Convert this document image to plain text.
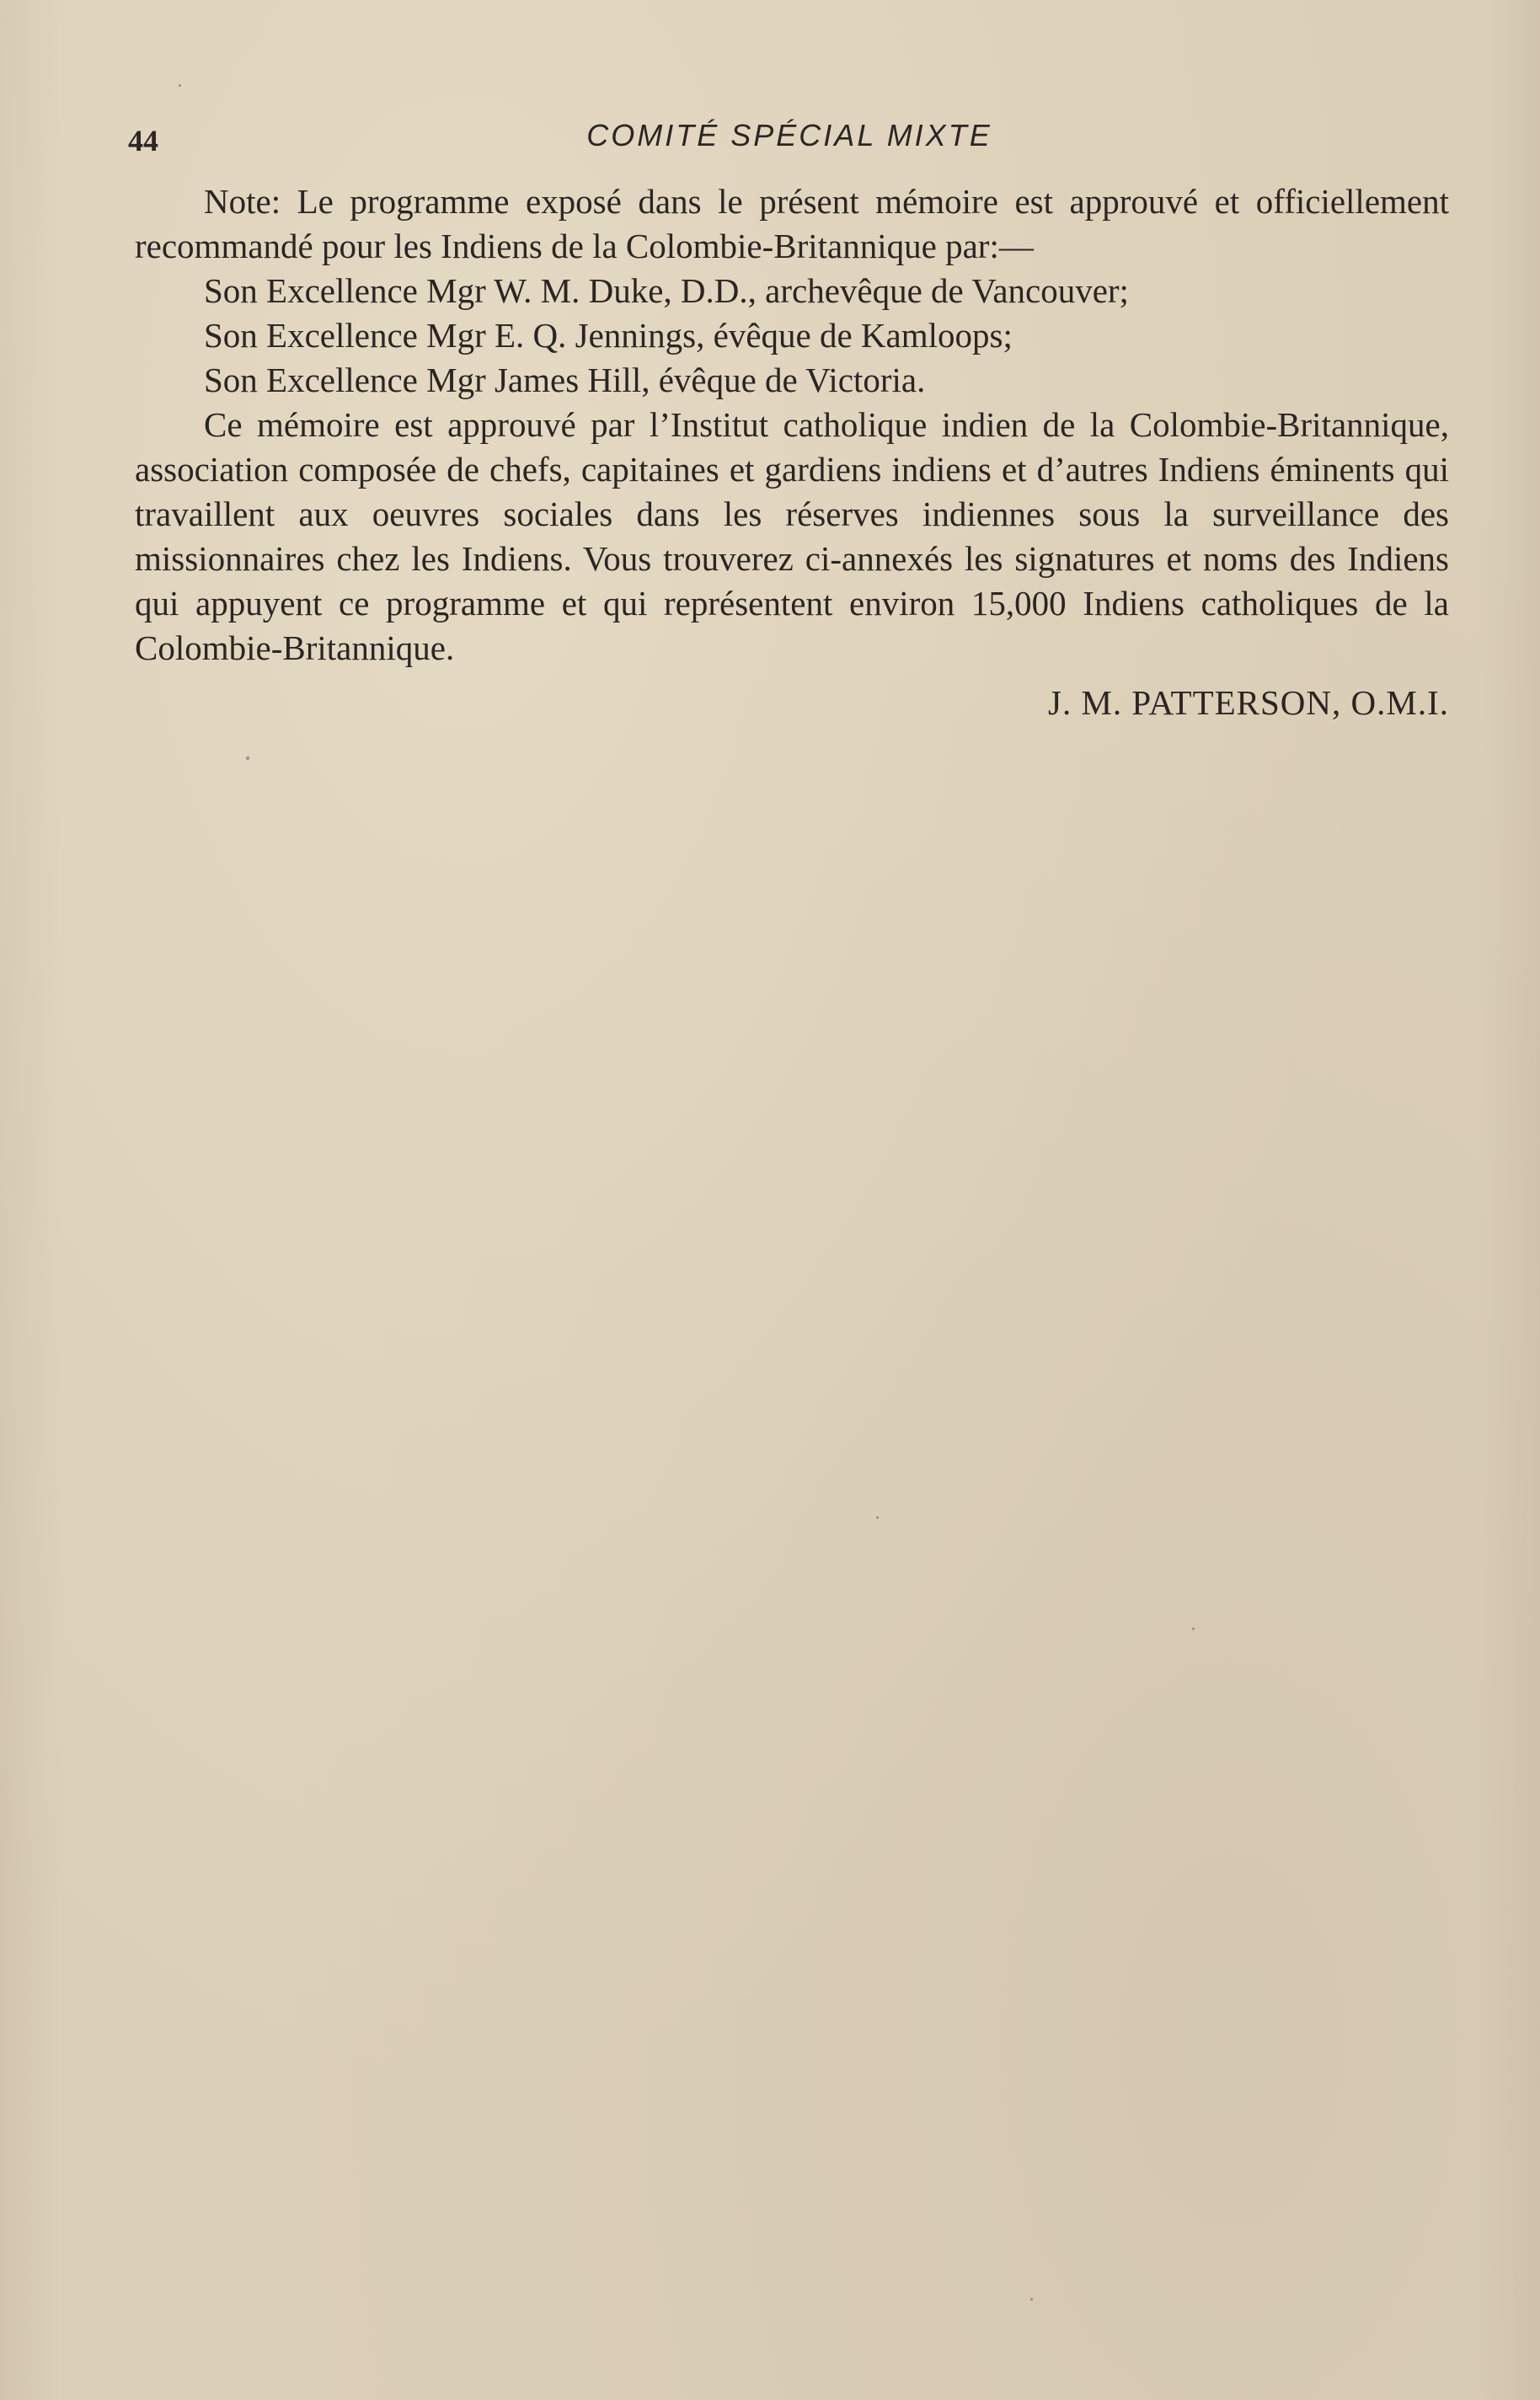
44	COMITÉ SPÉCIAL MIXTE

Note: Le programme exposé dans le présent mémoire est approuvé et officiellement recommandé pour les Indiens de la Colombie-Britannique par:—

Son Excellence Mgr W. M. Duke, D.D., archevêque de Vancouver;

Son Excellence Mgr E. Q. Jennings, évêque de Kamloops;

Son Excellence Mgr James Hill, évêque de Victoria.

Ce mémoire est approuvé par l’Institut catholique indien de la Colombie-Britannique, association composée de chefs, capitaines et gardiens indiens et d’autres Indiens éminents qui travaillent aux oeuvres sociales dans les réserves indiennes sous la surveillance des missionnaires chez les Indiens. Vous trouverez ci-annexés les signatures et noms des Indiens qui appuyent ce programme et qui représentent environ 15,000 Indiens catholiques de la Colombie-Britannique.

J. M. PATTERSON, O.M.I.
